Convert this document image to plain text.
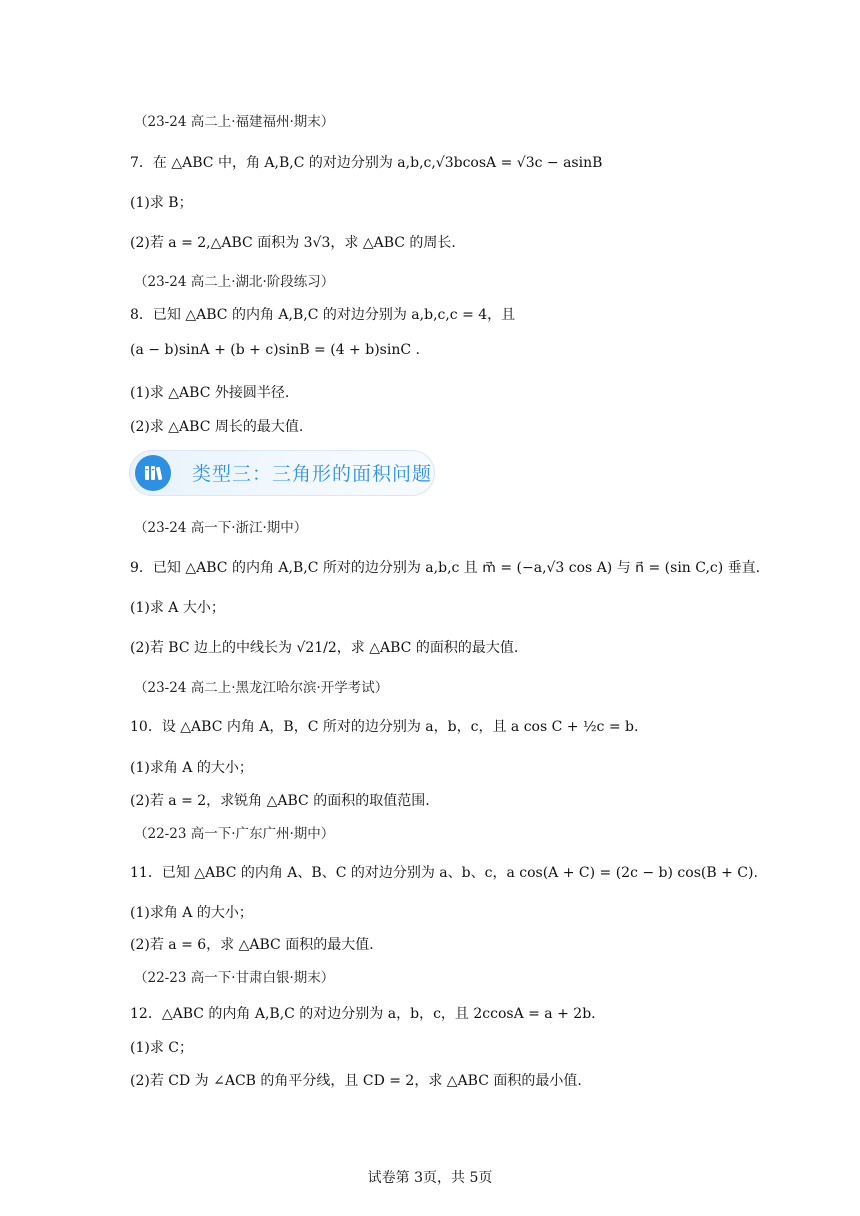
（23-24 高二上·福建福州·期末）
7．在 △ABC 中，角 A,B,C 的对边分别为 a,b,c,√3bcosA = √3c − asinB
(1)求 B；
(2)若 a = 2,△ABC 面积为 3√3，求 △ABC 的周长.
（23-24 高二上·湖北·阶段练习）
8．已知 △ABC 的内角 A,B,C 的对边分别为 a,b,c,c = 4，且
(a − b)sinA + (b + c)sinB = (4 + b)sinC .
(1)求 △ABC 外接圆半径.
(2)求 △ABC 周长的最大值.
（23-24 高一下·浙江·期中）
9．已知 △ABC 的内角 A,B,C 所对的边分别为 a,b,c 且 m⃗ = (−a,√3 cos A) 与 n⃗ = (sin C,c) 垂直.
(1)求 A 大小；
(2)若 BC 边上的中线长为 √21/2，求 △ABC 的面积的最大值.
（23-24 高二上·黑龙江哈尔滨·开学考试）
10．设 △ABC 内角 A，B，C 所对的边分别为 a，b，c，且 a cos C + ½c = b.
(1)求角 A 的大小；
(2)若 a = 2，求锐角 △ABC 的面积的取值范围.
（22-23 高一下·广东广州·期中）
11．已知 △ABC 的内角 A、B、C 的对边分别为 a、b、c，a cos(A + C) = (2c − b) cos(B + C).
(1)求角 A 的大小；
(2)若 a = 6，求 △ABC 面积的最大值.
（22-23 高一下·甘肃白银·期末）
12．△ABC 的内角 A,B,C 的对边分别为 a，b，c，且 2ccosA = a + 2b.
(1)求 C；
(2)若 CD 为 ∠ACB 的角平分线，且 CD = 2，求 △ABC 面积的最小值.
类型三：三角形的面积问题
试卷第 3页，共 5页
